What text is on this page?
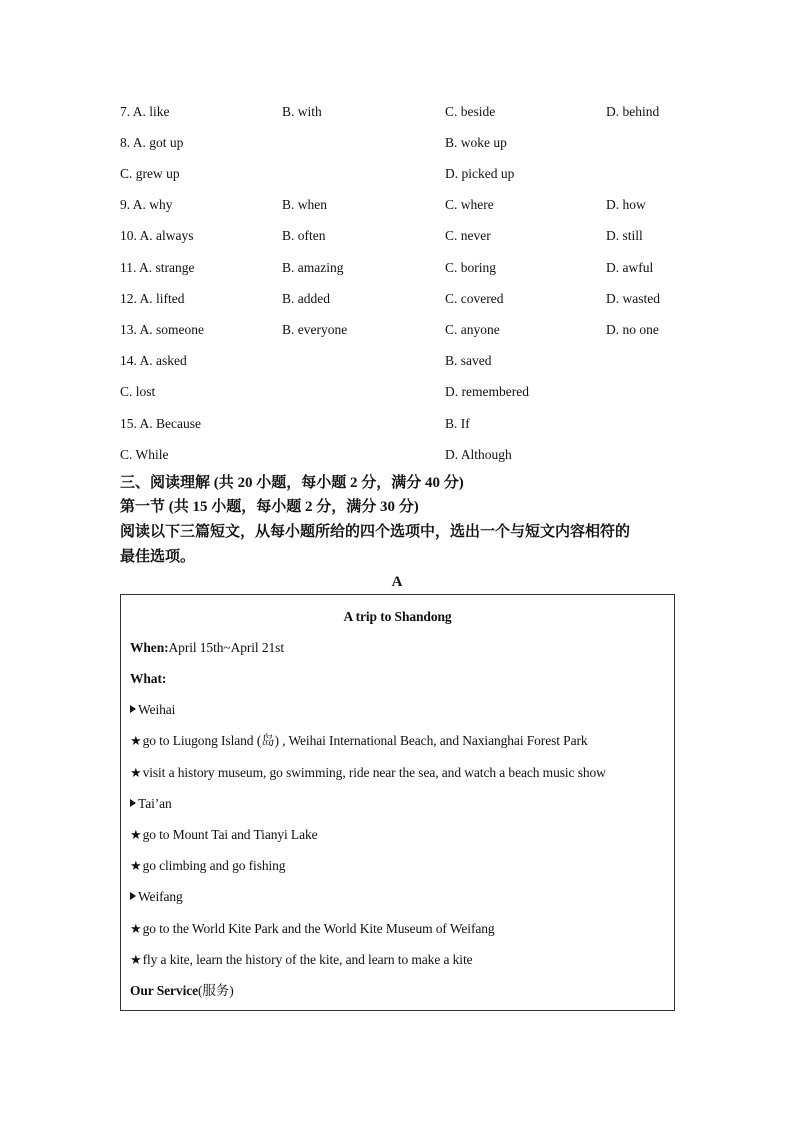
7. A. like	B. with	C. beside	D. behind
8. A. got up	B. woke up
C. grew up	D. picked up
9. A. why	B. when	C. where	D. how
10. A. always	B. often	C. never	D. still
11. A. strange	B. amazing	C. boring	D. awful
12. A. lifted	B. added	C. covered	D. wasted
13. A. someone	B. everyone	C. anyone	D. no one
14. A. asked	B. saved
C. lost	D. remembered
15. A. Because	B. If
C. While	D. Although
三、阅读理解 (共 20 小题，每小题 2 分，满分 40 分)
第一节 (共 15 小题，每小题 2 分，满分 30 分)
阅读以下三篇短文，从每小题所给的四个选项中，选出一个与短文内容相符的
最佳选项。
A
A trip to Shandong
When:April 15th~April 21st
What:
Weihai
★go to Liugong Island (岛) , Weihai International Beach, and Naxianghai Forest Park
★visit a history museum, go swimming, ride near the sea, and watch a beach music show
Tai’an
★go to Mount Tai and Tianyi Lake
★go climbing and go fishing
Weifang
★go to the World Kite Park and the World Kite Museum of Weifang
★fly a kite, learn the history of the kite, and learn to make a kite
Our Service(服务)
